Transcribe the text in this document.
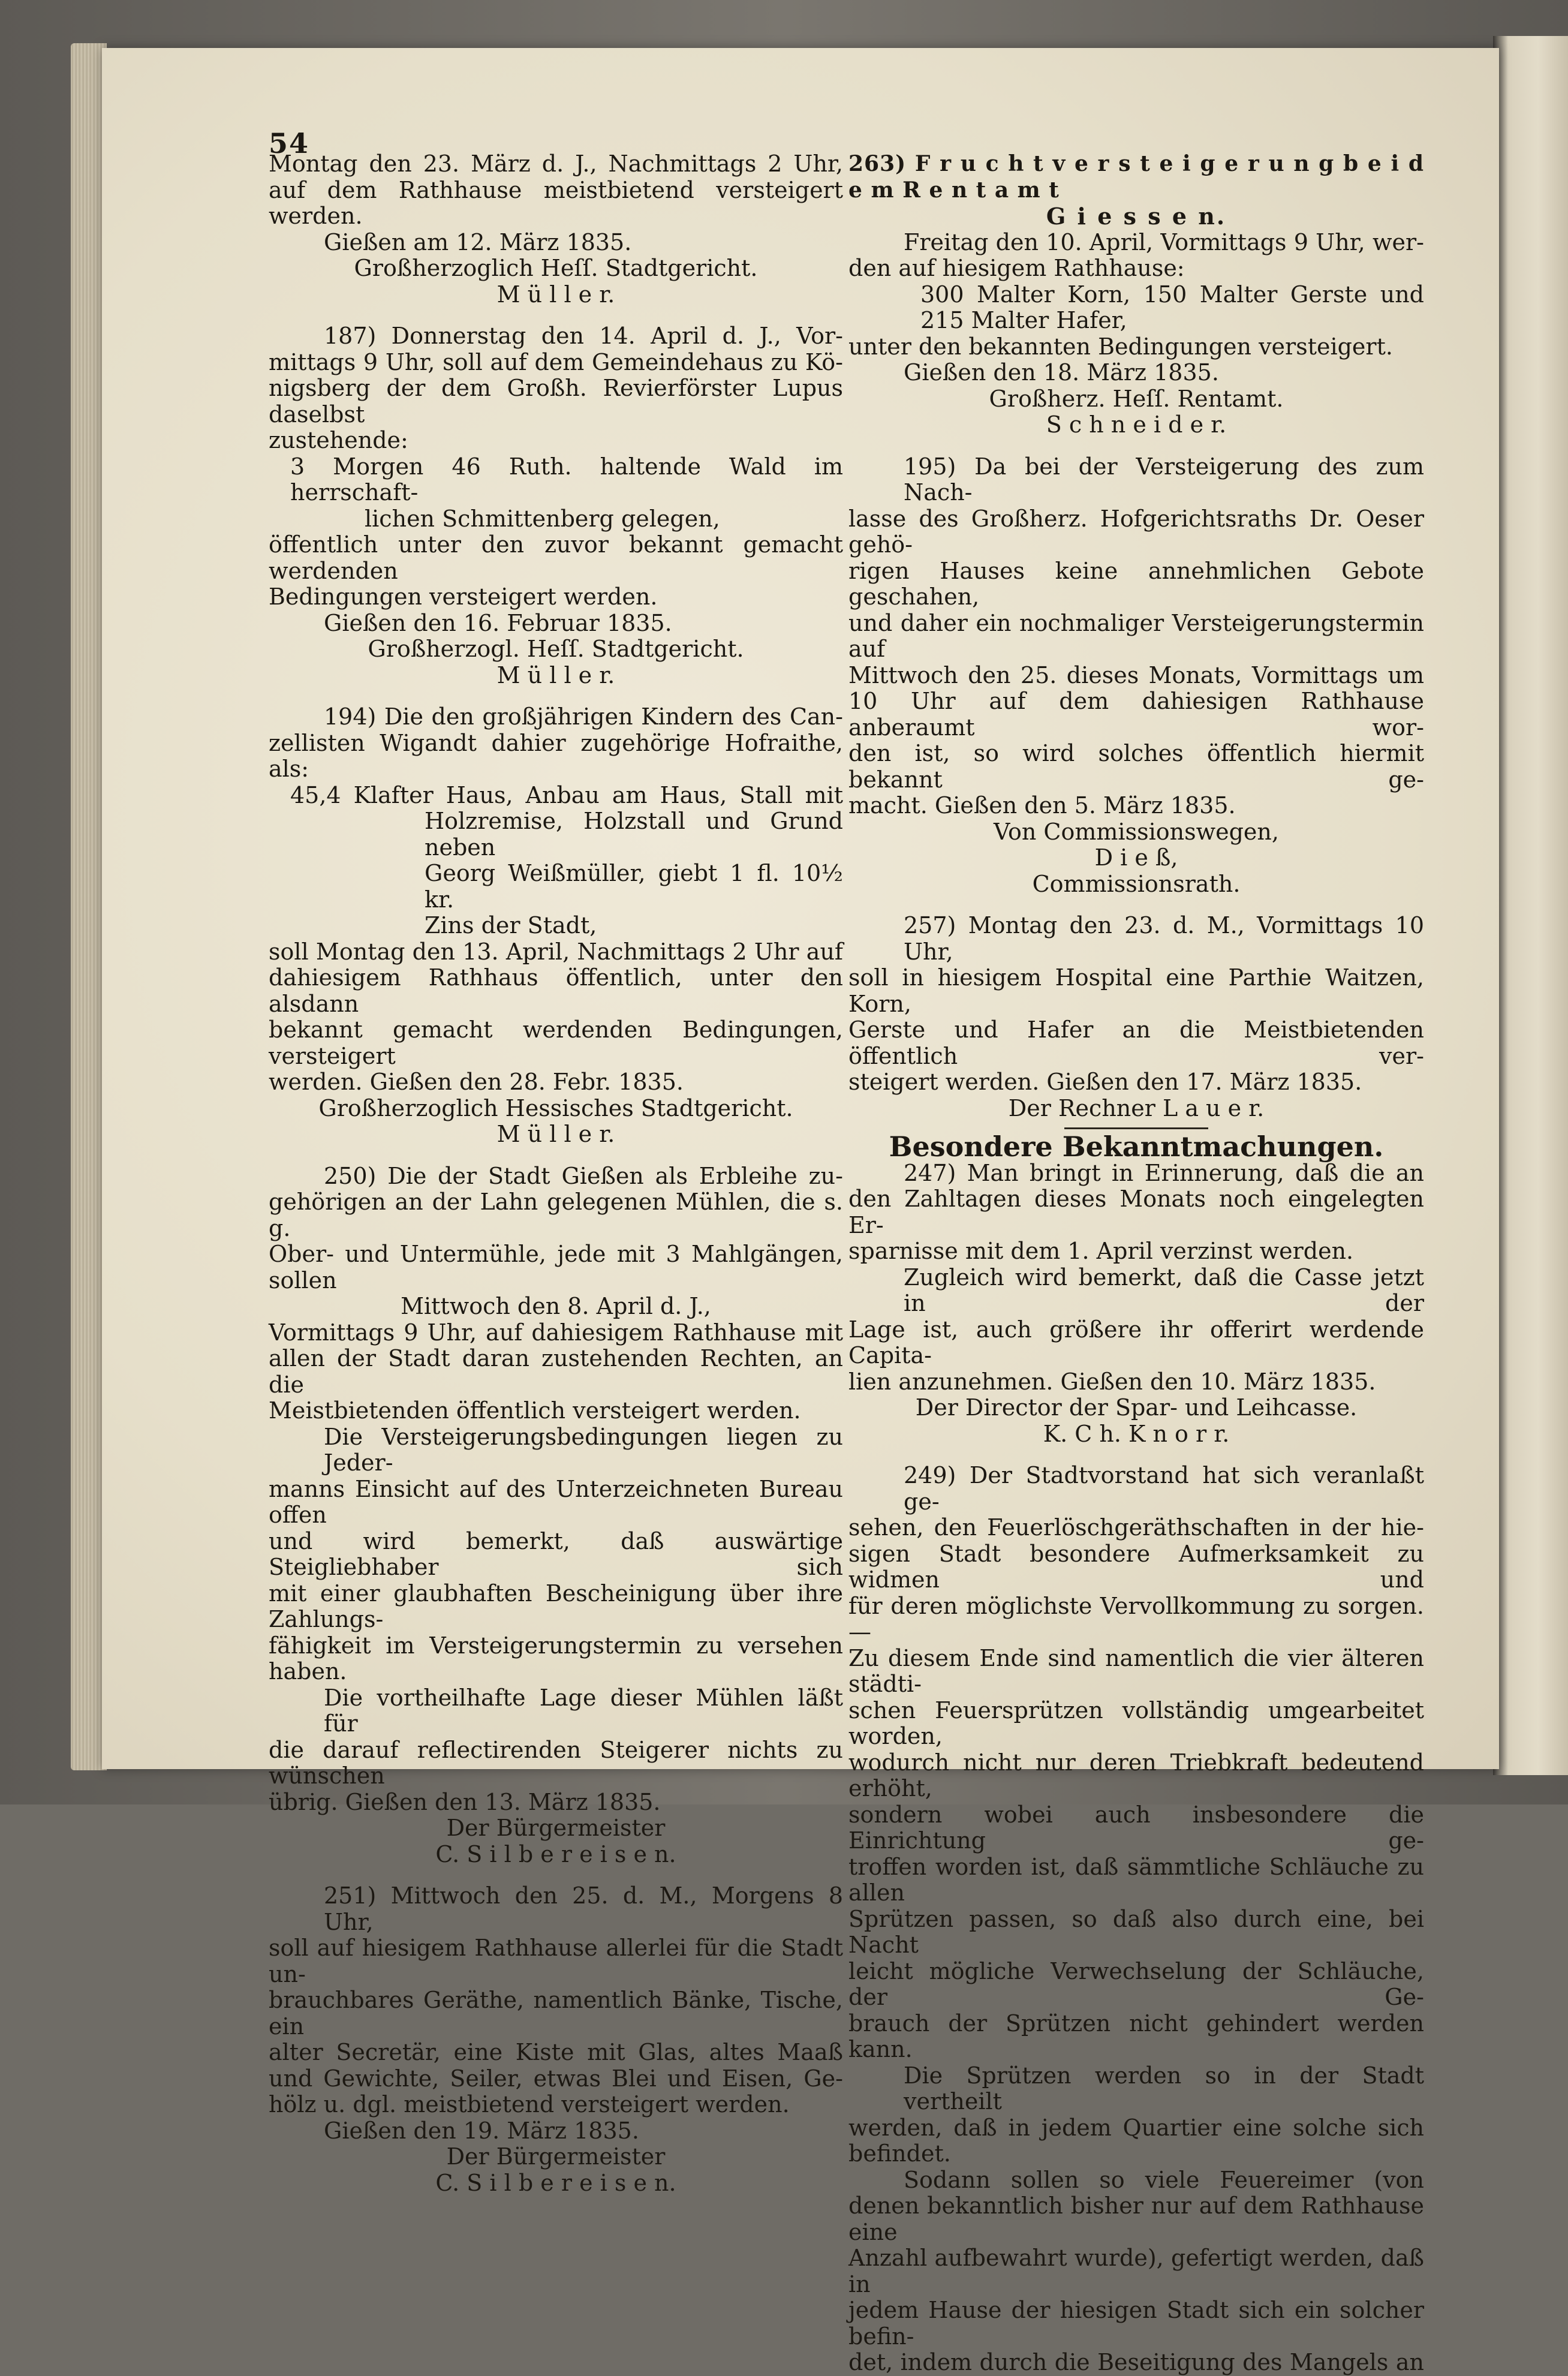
54
Montag den 23. März d. J., Nachmittags 2 Uhr,
auf dem Rathhause meistbietend versteigert werden.

Gießen am 12. März 1835.

Großherzoglich Heſſ. Stadtgericht.

M ü l l e r.

187) Donnerstag den 14. April d. J., Vor-
mittags 9 Uhr, soll auf dem Gemeindehaus zu Kö-
nigsberg der dem Großh. Revierförster Lupus daselbst
zustehende:
3 Morgen 46 Ruth. haltende Wald im herrschaft-
lichen Schmittenberg gelegen,
öffentlich unter den zuvor bekannt gemacht werdenden
Bedingungen versteigert werden.

Gießen den 16. Februar 1835.

Großherzogl. Heſſ. Stadtgericht.

M ü l l e r.

194) Die den großjährigen Kindern des Can-
zellisten Wigandt dahier zugehörige Hofraithe, als:
45,4 Klafter Haus, Anbau am Haus, Stall mit
Holzremise, Holzstall und Grund neben
Georg Weißmüller, giebt 1 fl. 10½ kr.
Zins der Stadt,
soll Montag den 13. April, Nachmittags 2 Uhr auf
dahiesigem Rathhaus öffentlich, unter den alsdann
bekannt gemacht werdenden Bedingungen, versteigert
werden. Gießen den 28. Febr. 1835.

Großherzoglich Hessisches Stadtgericht.

M ü l l e r.

250) Die der Stadt Gießen als Erbleihe zu-
gehörigen an der Lahn gelegenen Mühlen, die s. g.
Ober- und Untermühle, jede mit 3 Mahlgängen,
sollen

Mittwoch den 8. April d. J.,

Vormittags 9 Uhr, auf dahiesigem Rathhause mit
allen der Stadt daran zustehenden Rechten, an die
Meistbietenden öffentlich versteigert werden.
Die Versteigerungsbedingungen liegen zu Jeder-
manns Einsicht auf des Unterzeichneten Bureau offen
und wird bemerkt, daß auswärtige Steigliebhaber sich
mit einer glaubhaften Bescheinigung über ihre Zahlungs-
fähigkeit im Versteigerungstermin zu versehen haben.
Die vortheilhafte Lage dieser Mühlen läßt für
die darauf reflectirenden Steigerer nichts zu wünschen
übrig. Gießen den 13. März 1835.

Der Bürgermeister

C. S i l b e r e i s e n.

251) Mittwoch den 25. d. M., Morgens 8 Uhr,
soll auf hiesigem Rathhause allerlei für die Stadt un-
brauchbares Geräthe, namentlich Bänke, Tische, ein
alter Secretär, eine Kiste mit Glas, altes Maaß
und Gewichte, Seiler, etwas Blei und Eisen, Ge-
hölz u. dgl. meistbietend versteigert werden.

Gießen den 19. März 1835.

Der Bürgermeister

C. S i l b e r e i s e n.

263) F r u c h t v e r s t e i g e r u n g b e i d e m R e n t a m t

G i e s s e n.

Freitag den 10. April, Vormittags 9 Uhr, wer-
den auf hiesigem Rathhause:
300 Malter Korn, 150 Malter Gerste und
215 Malter Hafer,
unter den bekannten Bedingungen versteigert.

Gießen den 18. März 1835.

Großherz. Heſſ. Rentamt.

S c h n e i d e r.

195) Da bei der Versteigerung des zum Nach-
lasse des Großherz. Hofgerichtsraths Dr. Oeser gehö-
rigen Hauses keine annehmlichen Gebote geschahen,
und daher ein nochmaliger Versteigerungstermin auf
Mittwoch den 25. dieses Monats, Vormittags um
10 Uhr auf dem dahiesigen Rathhause anberaumt wor-
den ist, so wird solches öffentlich hiermit bekannt ge-
macht. Gießen den 5. März 1835.

Von Commissionswegen,

D i e ß,

Commissionsrath.

257) Montag den 23. d. M., Vormittags 10 Uhr,
soll in hiesigem Hospital eine Parthie Waitzen, Korn,
Gerste und Hafer an die Meistbietenden öffentlich ver-
steigert werden. Gießen den 17. März 1835.

Der Rechner L a u e r.

Besondere Bekanntmachungen.

247) Man bringt in Erinnerung, daß die an
den Zahltagen dieses Monats noch eingelegten Er-
sparnisse mit dem 1. April verzinst werden.
Zugleich wird bemerkt, daß die Casse jetzt in der
Lage ist, auch größere ihr offerirt werdende Capita-
lien anzunehmen. Gießen den 10. März 1835.

Der Director der Spar- und Leihcasse.

K. C h. K n o r r.

249) Der Stadtvorstand hat sich veranlaßt ge-
sehen, den Feuerlöschgeräthschaften in der hie-
sigen Stadt besondere Aufmerksamkeit zu widmen und
für deren möglichste Vervollkommung zu sorgen. —
Zu diesem Ende sind namentlich die vier älteren städti-
schen Feuersprützen vollständig umgearbeitet worden,
wodurch nicht nur deren Triebkraft bedeutend erhöht,
sondern wobei auch insbesondere die Einrichtung ge-
troffen worden ist, daß sämmtliche Schläuche zu allen
Sprützen passen, so daß also durch eine, bei Nacht
leicht mögliche Verwechselung der Schläuche, der Ge-
brauch der Sprützen nicht gehindert werden kann.
Die Sprützen werden so in der Stadt vertheilt
werden, daß in jedem Quartier eine solche sich befindet.
Sodann sollen so viele Feuereimer (von
denen bekanntlich bisher nur auf dem Rathhause eine
Anzahl aufbewahrt wurde), gefertigt werden, daß in
jedem Hause der hiesigen Stadt sich ein solcher befin-
det, indem durch die Beseitigung des Mangels an
